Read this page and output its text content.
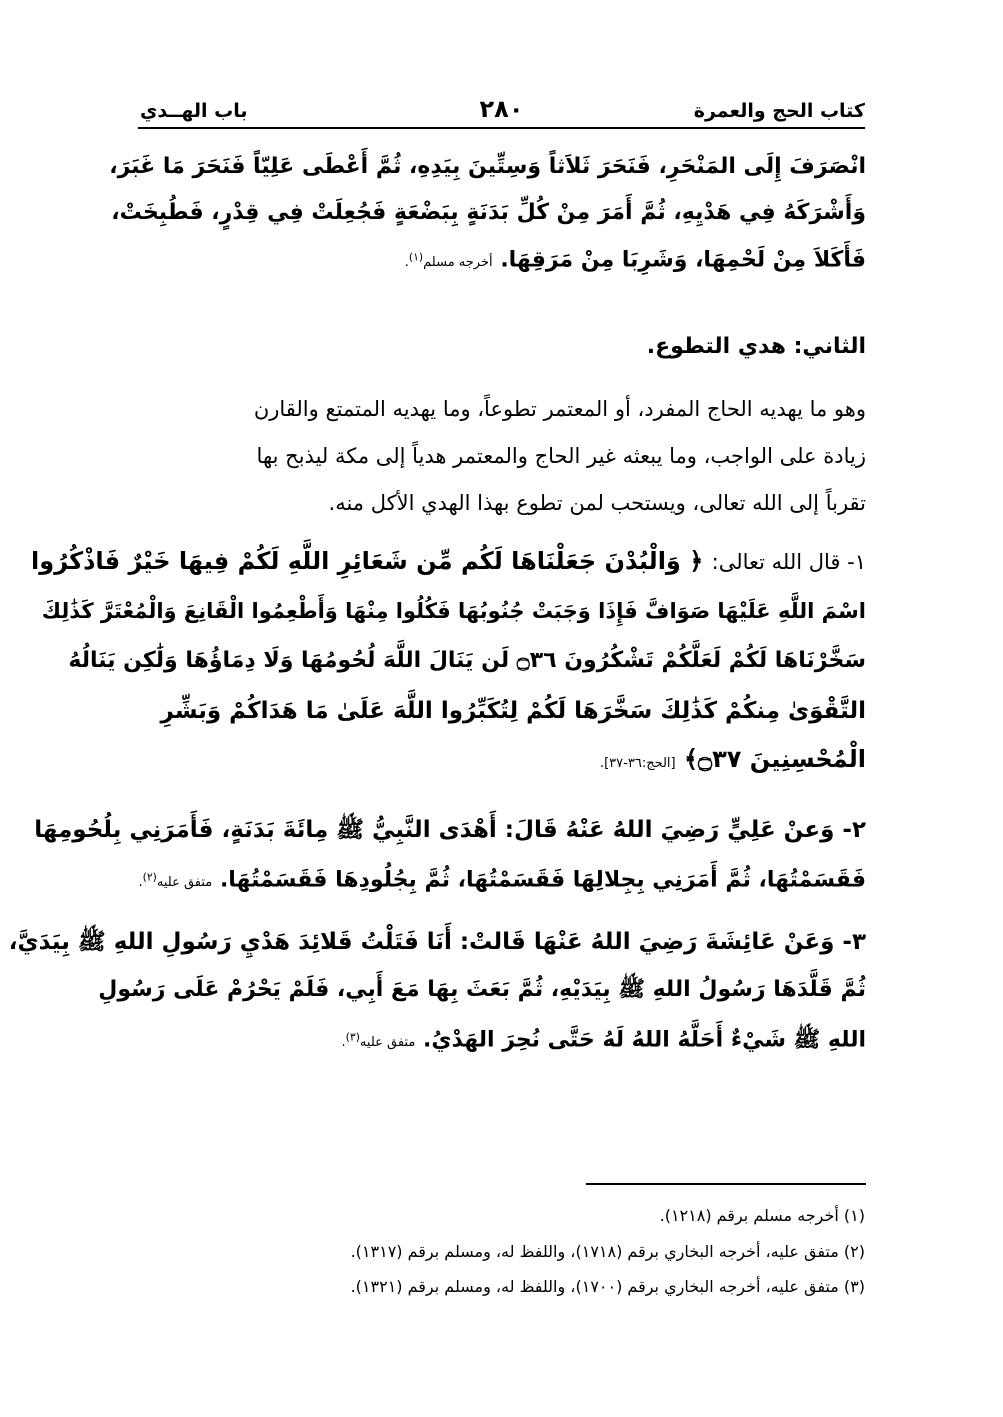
كتاب الحج والعمرة
٢٨٠
باب الهــدي
انْصَرَفَ إِلَى المَنْحَرِ، فَنَحَرَ ثَلاَثاً وَسِتِّينَ بِيَدِهِ، ثُمَّ أَعْطَى عَلِيّاً فَنَحَرَ مَا غَبَرَ،
وَأَشْرَكَهُ فِي هَدْيِهِ، ثُمَّ أَمَرَ مِنْ كُلِّ بَدَنَةٍ بِبَضْعَةٍ فَجُعِلَتْ فِي قِدْرٍ، فَطُبِخَتْ،
فَأَكَلاَ مِنْ لَحْمِهَا، وَشَرِبَا مِنْ مَرَقِهَا. أخرجه مسلم$^{(١)}$.
الثاني: هدي التطوع.
وهو ما يهديه الحاج المفرد، أو المعتمر تطوعاً، وما يهديه المتمتع والقارن
زيادة على الواجب، وما يبعثه غير الحاج والمعتمر هدياً إلى مكة ليذبح بها
تقرباً إلى الله تعالى، ويستحب لمن تطوع بهذا الهدي الأكل منه.
١- قال الله تعالى: ﴿ وَالْبُدْنَ جَعَلْنَاهَا لَكُم مِّن شَعَائِرِ اللَّهِ لَكُمْ فِيهَا خَيْرٌ فَاذْكُرُوا
اسْمَ اللَّهِ عَلَيْهَا صَوَافَّ فَإِذَا وَجَبَتْ جُنُوبُهَا فَكُلُوا مِنْهَا وَأَطْعِمُوا الْقَانِعَ وَالْمُعْتَرَّ كَذَٰلِكَ
سَخَّرْنَاهَا لَكُمْ لَعَلَّكُمْ تَشْكُرُونَ ۝٣٦ لَن يَنَالَ اللَّهَ لُحُومُهَا وَلَا دِمَاؤُهَا وَلَٰكِن يَنَالُهُ
التَّقْوَىٰ مِنكُمْ كَذَٰلِكَ سَخَّرَهَا لَكُمْ لِتُكَبِّرُوا اللَّهَ عَلَىٰ مَا هَدَاكُمْ وَبَشِّرِ
الْمُحْسِنِينَ ۝٣٧﴾ [الحج:٣٦-٣٧].
٢- وَعنْ عَلِيٍّ رَضِيَ اللهُ عَنْهُ قَالَ: أَهْدَى النَّبِيُّ ﷺ مِائَةَ بَدَنَةٍ، فَأَمَرَنِي بِلُحُومِهَا
فَقَسَمْتُهَا، ثُمَّ أَمَرَنِي بِجِلالِهَا فَقَسَمْتُهَا، ثُمَّ بِجُلُودِهَا فَقَسَمْتُهَا. متفق عليه$^{(٢)}$.
٣- وَعَنْ عَائِشَةَ رَضِيَ اللهُ عَنْهَا قَالتْ: أَنَا فَتَلْتُ قَلائِدَ هَدْيِ رَسُولِ اللهِ ﷺ بِيَدَيَّ،
ثُمَّ قَلَّدَهَا رَسُولُ اللهِ ﷺ بِيَدَيْهِ، ثُمَّ بَعَثَ بِهَا مَعَ أَبِي، فَلَمْ يَحْرُمْ عَلَى رَسُولِ
اللهِ ﷺ شَيْءٌ أَحَلَّهُ اللهُ لَهُ حَتَّى نُحِرَ الهَدْيُ. متفق عليه$^{(٣)}$.
(١) أخرجه مسلم برقم (١٢١٨).
(٢) متفق عليه، أخرجه البخاري برقم (١٧١٨)، واللفظ له، ومسلم برقم (١٣١٧).
(٣) متفق عليه، أخرجه البخاري برقم (١٧٠٠)، واللفظ له، ومسلم برقم (١٣٢١).
